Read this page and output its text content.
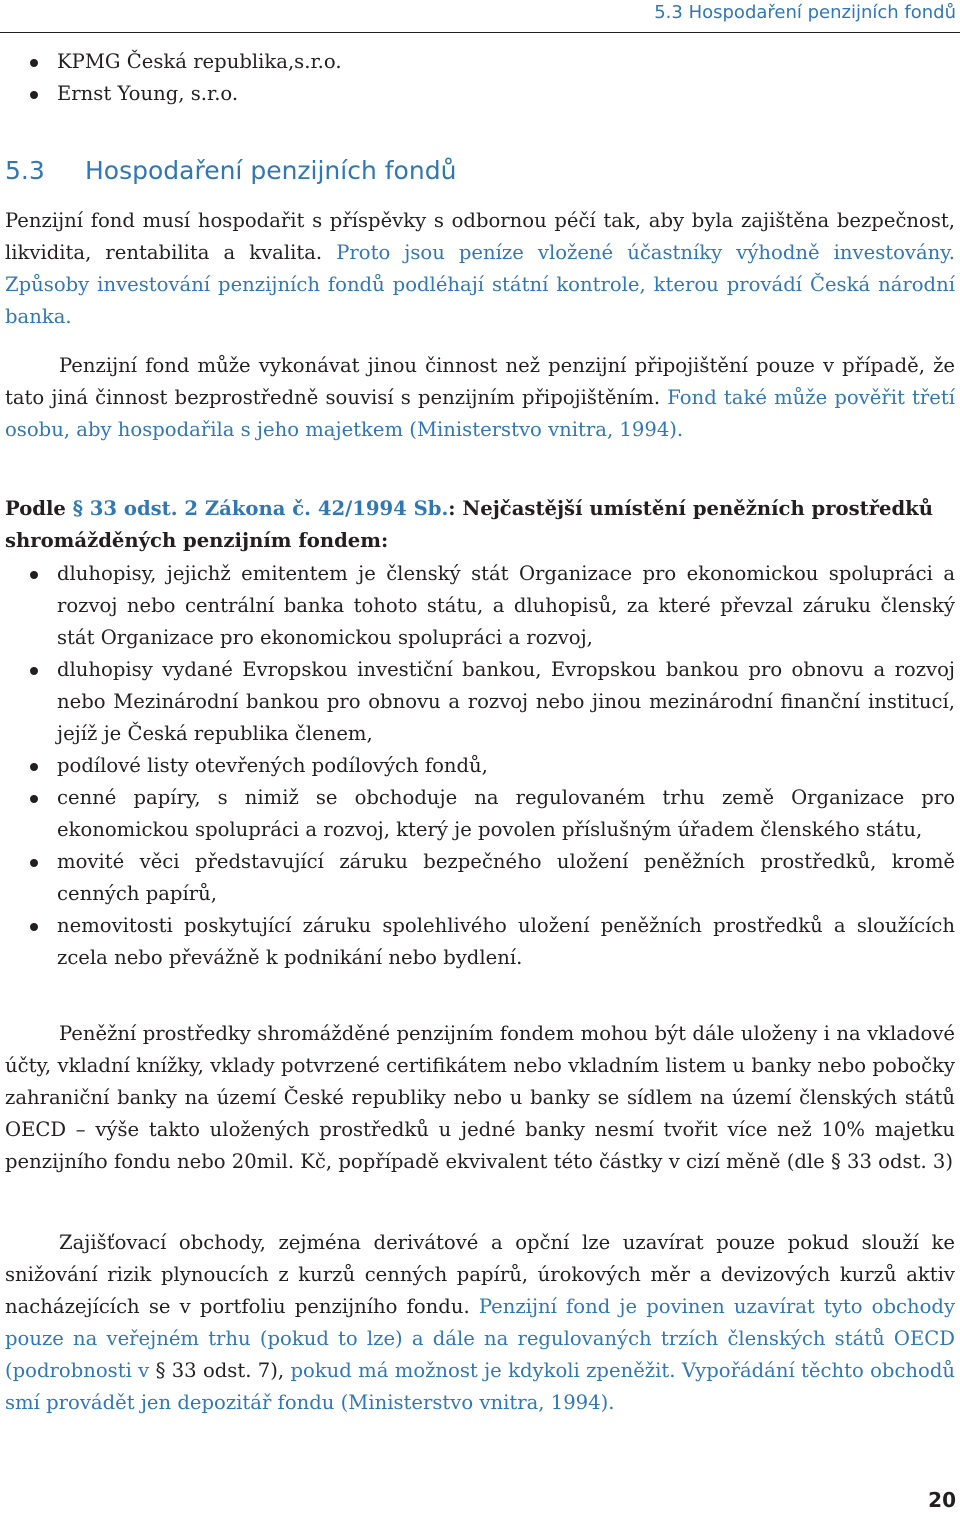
5.3 Hospodaření penzijních fondů
KPMG Česká republika,s.r.o.
Ernst Young, s.r.o.
5.3 Hospodaření penzijních fondů

Penzijní fond musí hospodařit s příspěvky s odbornou péčí tak, aby byla zajištěna bezpečnost, likvidita, rentabilita a kvalita. Proto jsou peníze vložené účastníky výhodně investovány. Způsoby investování penzijních fondů podléhají státní kontrole, kterou provádí Česká národní banka.

Penzijní fond může vykonávat jinou činnost než penzijní připojištění pouze v případě, že tato jiná činnost bezprostředně souvisí s penzijním připojištěním. Fond také může pověřit třetí osobu, aby hospodařila s jeho majetkem (Ministerstvo vnitra, 1994).

Podle § 33 odst. 2 Zákona č. 42/1994 Sb.: Nejčastější umístění peněžních prostředků shromážděných penzijním fondem:
dluhopisy, jejichž emitentem je členský stát Organizace pro ekonomickou spolupráci a rozvoj nebo centrální banka tohoto státu, a dluhopisů, za které převzal záruku členský stát Organizace pro ekonomickou spolupráci a rozvoj,
dluhopisy vydané Evropskou investiční bankou, Evropskou bankou pro obnovu a rozvoj nebo Mezinárodní bankou pro obnovu a rozvoj nebo jinou mezinárodní finanční institucí, jejíž je Česká republika členem,
podílové listy otevřených podílových fondů,
cenné papíry, s nimiž se obchoduje na regulovaném trhu země Organizace pro ekonomickou spolupráci a rozvoj, který je povolen příslušným úřadem členského státu,
movité věci představující záruku bezpečného uložení peněžních prostředků, kromě cenných papírů,
nemovitosti poskytující záruku spolehlivého uložení peněžních prostředků a sloužících zcela nebo převážně k podnikání nebo bydlení.

Peněžní prostředky shromážděné penzijním fondem mohou být dále uloženy i na vkladové účty, vkladní knížky, vklady potvrzené certifikátem nebo vkladním listem u banky nebo pobočky zahraniční banky na území České republiky nebo u banky se sídlem na území členských států OECD – výše takto uložených prostředků u jedné banky nesmí tvořit více než 10% majetku penzijního fondu nebo 20mil. Kč, popřípadě ekvivalent této částky v cizí měně (dle § 33 odst. 3)

Zajišťovací obchody, zejména derivátové a opční lze uzavírat pouze pokud slouží ke snižování rizik plynoucích z kurzů cenných papírů, úrokových měr a devizových kurzů aktiv nacházejících se v portfoliu penzijního fondu. Penzijní fond je povinen uzavírat tyto obchody pouze na veřejném trhu (pokud to lze) a dále na regulovaných trzích členských států OECD (podrobnosti v § 33 odst. 7), pokud má možnost je kdykoli zpeněžit. Vypořádání těchto obchodů smí provádět jen depozitář fondu (Ministerstvo vnitra, 1994).

20
